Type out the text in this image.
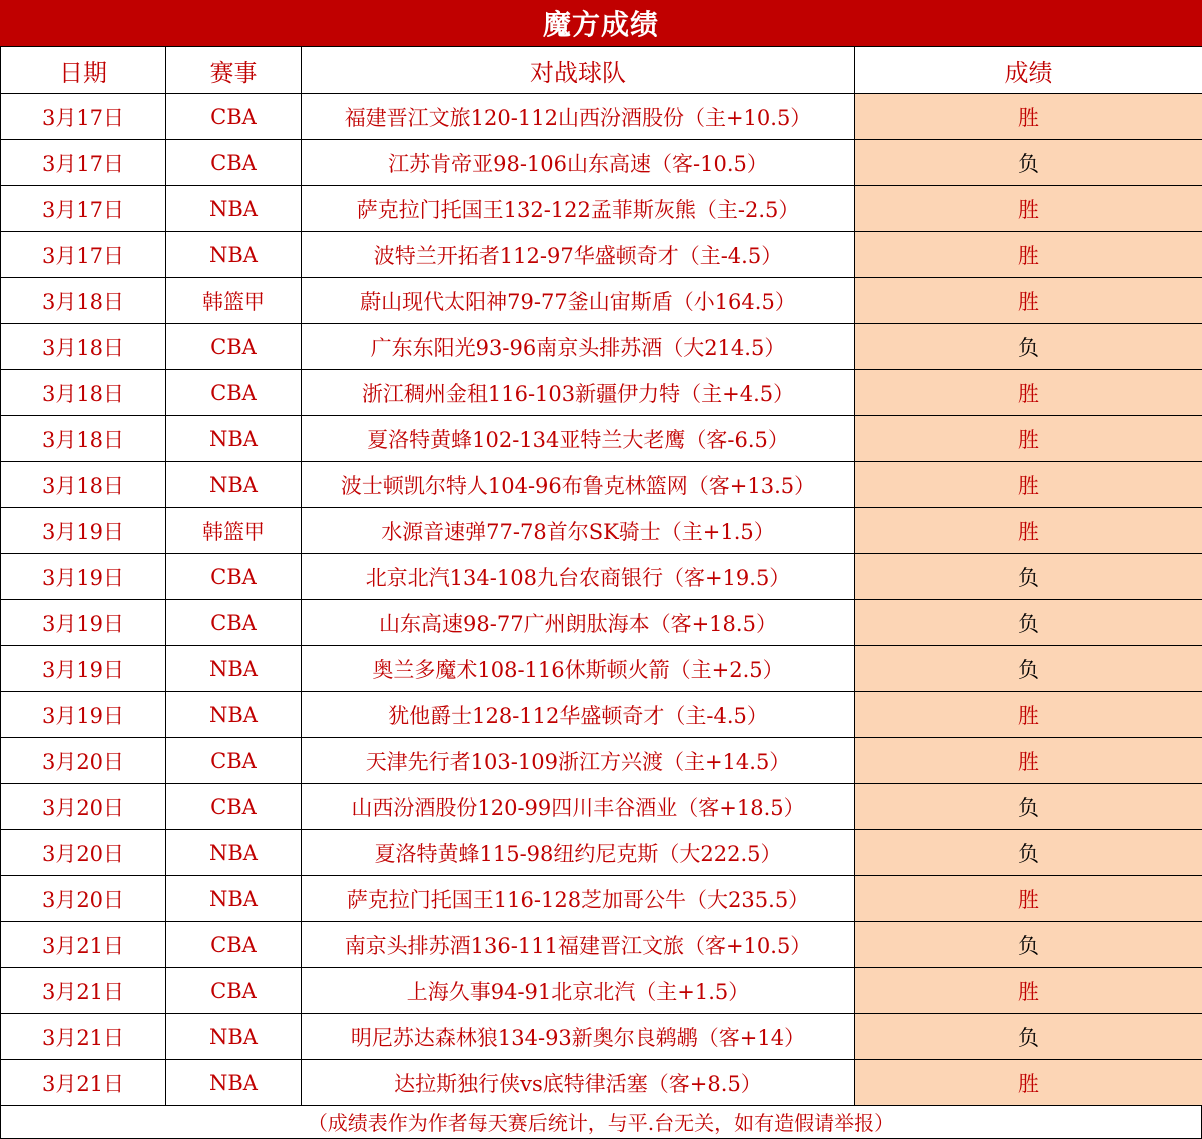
魔方成绩
日期	赛事	对战球队	成绩
3月17日	CBA	福建晋江文旅120-112山西汾酒股份（主+10.5）	胜
3月17日	CBA	江苏肯帝亚98-106山东高速（客-10.5）	负
3月17日	NBA	萨克拉门托国王132-122孟菲斯灰熊（主-2.5）	胜
3月17日	NBA	波特兰开拓者112-97华盛顿奇才（主-4.5）	胜
3月18日	韩篮甲	蔚山现代太阳神79-77釜山宙斯盾（小164.5）	胜
3月18日	CBA	广东东阳光93-96南京头排苏酒（大214.5）	负
3月18日	CBA	浙江稠州金租116-103新疆伊力特（主+4.5）	胜
3月18日	NBA	夏洛特黄蜂102-134亚特兰大老鹰（客-6.5）	胜
3月18日	NBA	波士顿凯尔特人104-96布鲁克林篮网（客+13.5）	胜
3月19日	韩篮甲	水源音速弹77-78首尔SK骑士（主+1.5）	胜
3月19日	CBA	北京北汽134-108九台农商银行（客+19.5）	负
3月19日	CBA	山东高速98-77广州朗肽海本（客+18.5）	负
3月19日	NBA	奥兰多魔术108-116休斯顿火箭（主+2.5）	负
3月19日	NBA	犹他爵士128-112华盛顿奇才（主-4.5）	胜
3月20日	CBA	天津先行者103-109浙江方兴渡（主+14.5）	胜
3月20日	CBA	山西汾酒股份120-99四川丰谷酒业（客+18.5）	负
3月20日	NBA	夏洛特黄蜂115-98纽约尼克斯（大222.5）	负
3月20日	NBA	萨克拉门托国王116-128芝加哥公牛（大235.5）	胜
3月21日	CBA	南京头排苏酒136-111福建晋江文旅（客+10.5）	负
3月21日	CBA	上海久事94-91北京北汽（主+1.5）	胜
3月21日	NBA	明尼苏达森林狼134-93新奥尔良鹈鹕（客+14）	负
3月21日	NBA	达拉斯独行侠vs底特律活塞（客+8.5）	胜
（成绩表作为作者每天赛后统计，与平.台无关，如有造假请举报）
